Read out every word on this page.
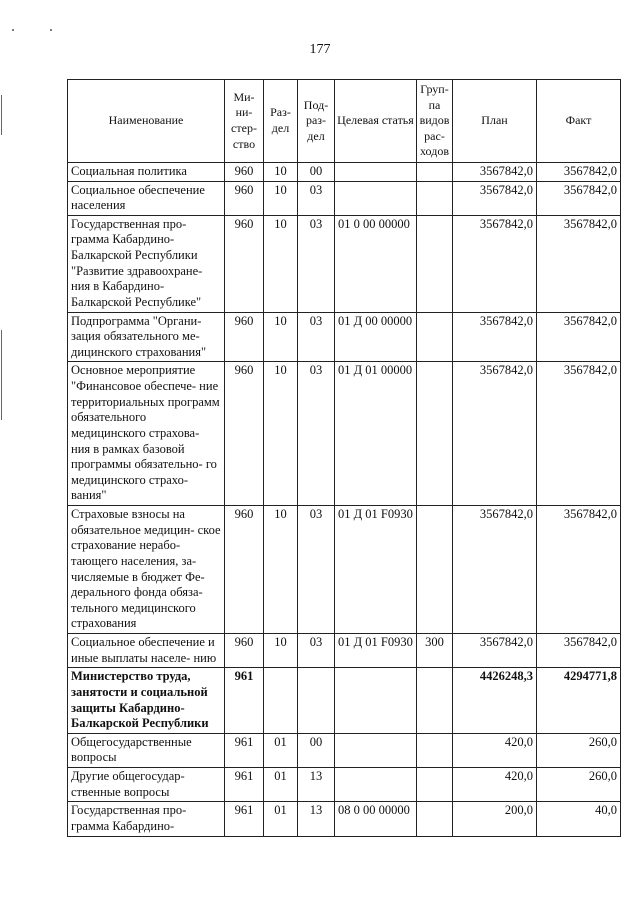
177
Наименование	Ми- ни- стер- ство	Раз- дел	Под- раз- дел	Целевая статья	Груп- па видов рас- ходов	План	Факт
Социальная политика	960	10	00			3567842,0	3567842,0
Социальное обеспечение населения	960	10	03			3567842,0	3567842,0
Государственная про- грамма Кабардино- Балкарской Республики "Развитие здравоохране- ния в Кабардино- Балкарской Республике"	960	10	03	01 0 00 00000		3567842,0	3567842,0
Подпрограмма "Органи- зация обязательного ме- дицинского страхования"	960	10	03	01 Д 00 00000		3567842,0	3567842,0
Основное мероприятие "Финансовое обеспече- ние территориальных программ обязательного медицинского страхова- ния в рамках базовой программы обязательно- го медицинского страхо- вания"	960	10	03	01 Д 01 00000		3567842,0	3567842,0
Страховые взносы на обязательное медицин- ское страхование нерабо- тающего населения, за- числяемые в бюджет Фе- дерального фонда обяза- тельного медицинского страхования	960	10	03	01 Д 01 F0930		3567842,0	3567842,0
Социальное обеспечение и иные выплаты населе- нию	960	10	03	01 Д 01 F0930	300	3567842,0	3567842,0
Министерство труда, занятости и социальной защиты Кабардино- Балкарской Республики	961					4426248,3	4294771,8
Общегосударственные вопросы	961	01	00			420,0	260,0
Другие общегосудар- ственные вопросы	961	01	13			420,0	260,0
Государственная про- грамма Кабардино-	961	01	13	08 0 00 00000		200,0	40,0
